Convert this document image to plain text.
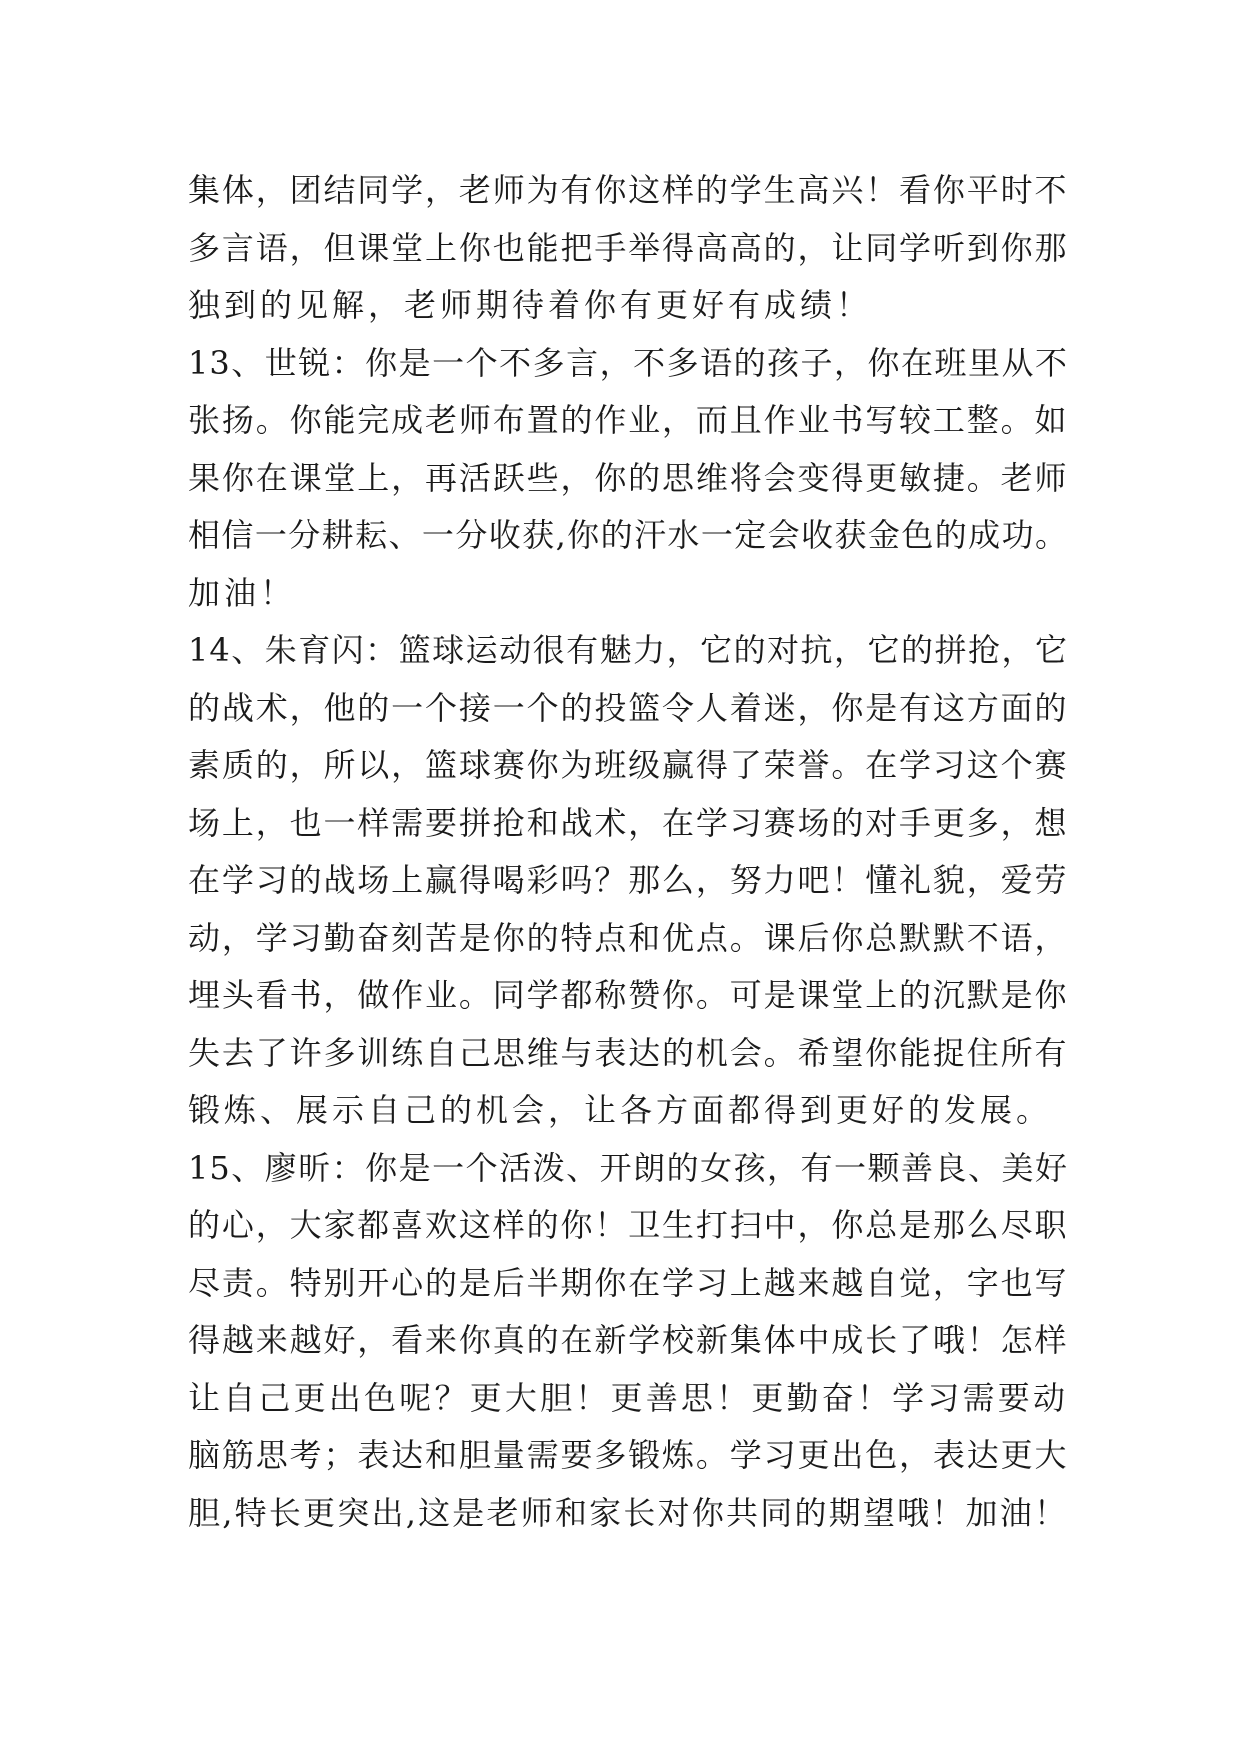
集体，团结同学，老师为有你这样的学生高兴！看你平时不
多言语，但课堂上你也能把手举得高高的，让同学听到你那
独到的见解，老师期待着你有更好有成绩！
13、世锐：你是一个不多言，不多语的孩子，你在班里从不
张扬。你能完成老师布置的作业，而且作业书写较工整。如
果你在课堂上，再活跃些，你的思维将会变得更敏捷。老师
相信一分耕耘、一分收获,你的汗水一定会收获金色的成功。
加油！
14、朱育闪：篮球运动很有魅力，它的对抗，它的拼抢，它
的战术，他的一个接一个的投篮令人着迷，你是有这方面的
素质的，所以，篮球赛你为班级赢得了荣誉。在学习这个赛
场上，也一样需要拼抢和战术，在学习赛场的对手更多，想
在学习的战场上赢得喝彩吗？那么，努力吧！懂礼貌，爱劳
动，学习勤奋刻苦是你的特点和优点。课后你总默默不语，
埋头看书，做作业。同学都称赞你。可是课堂上的沉默是你
失去了许多训练自己思维与表达的机会。希望你能捉住所有
锻炼、展示自己的机会，让各方面都得到更好的发展。
15、廖昕：你是一个活泼、开朗的女孩，有一颗善良、美好
的心，大家都喜欢这样的你！卫生打扫中，你总是那么尽职
尽责。特别开心的是后半期你在学习上越来越自觉，字也写
得越来越好，看来你真的在新学校新集体中成长了哦！怎样
让自己更出色呢？更大胆！更善思！更勤奋！学习需要动
脑筋思考；表达和胆量需要多锻炼。学习更出色，表达更大
胆,特长更突出,这是老师和家长对你共同的期望哦！加油！
